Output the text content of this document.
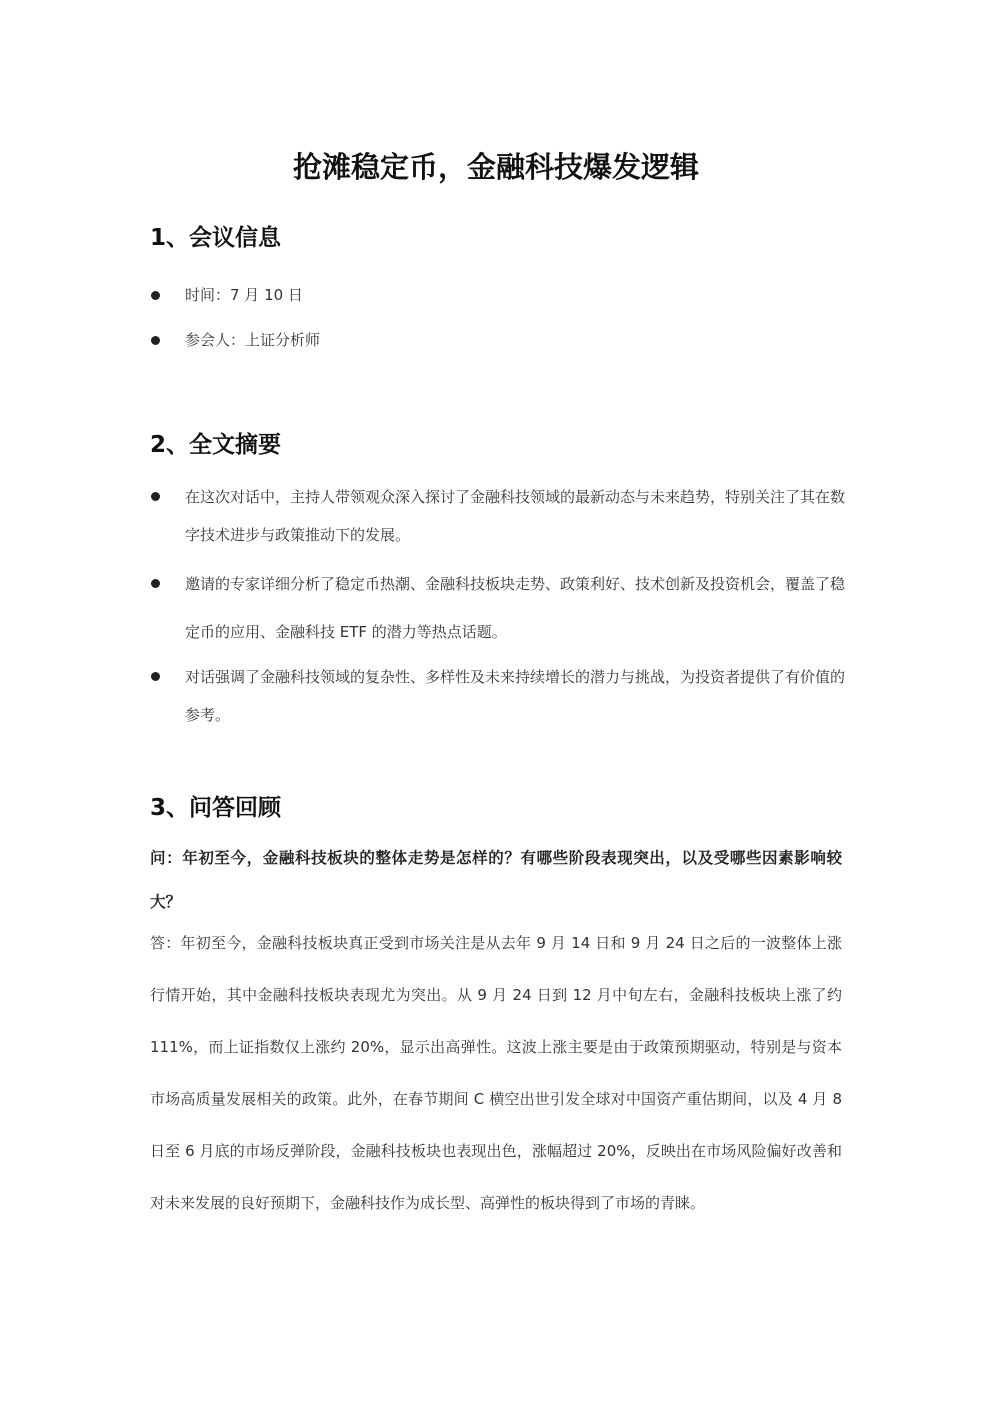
抢滩稳定币，金融科技爆发逻辑
1、会议信息
时间：7 月 10 日
参会人：上证分析师
2、全文摘要
在这次对话中，主持人带领观众深入探讨了金融科技领域的最新动态与未来趋势，特别关注了其在数字技术进步与政策推动下的发展。
邀请的专家详细分析了稳定币热潮、金融科技板块走势、政策利好、技术创新及投资机会，覆盖了稳定币的应用、金融科技 ETF 的潜力等热点话题。
对话强调了金融科技领域的复杂性、多样性及未来持续增长的潜力与挑战，为投资者提供了有价值的参考。
3、问答回顾

问：年初至今，金融科技板块的整体走势是怎样的？有哪些阶段表现突出，以及受哪些因素影响较大？

答：年初至今，金融科技板块真正受到市场关注是从去年 9 月 14 日和 9 月 24 日之后的一波整体上涨行情开始，其中金融科技板块表现尤为突出。从 9 月 24 日到 12 月中旬左右，金融科技板块上涨了约 111%，而上证指数仅上涨约 20%，显示出高弹性。这波上涨主要是由于政策预期驱动，特别是与资本市场高质量发展相关的政策。此外，在春节期间 C 横空出世引发全球对中国资产重估期间，以及 4 月 8 日至 6 月底的市场反弹阶段，金融科技板块也表现出色，涨幅超过 20%，反映出在市场风险偏好改善和对未来发展的良好预期下，金融科技作为成长型、高弹性的板块得到了市场的青睐。
